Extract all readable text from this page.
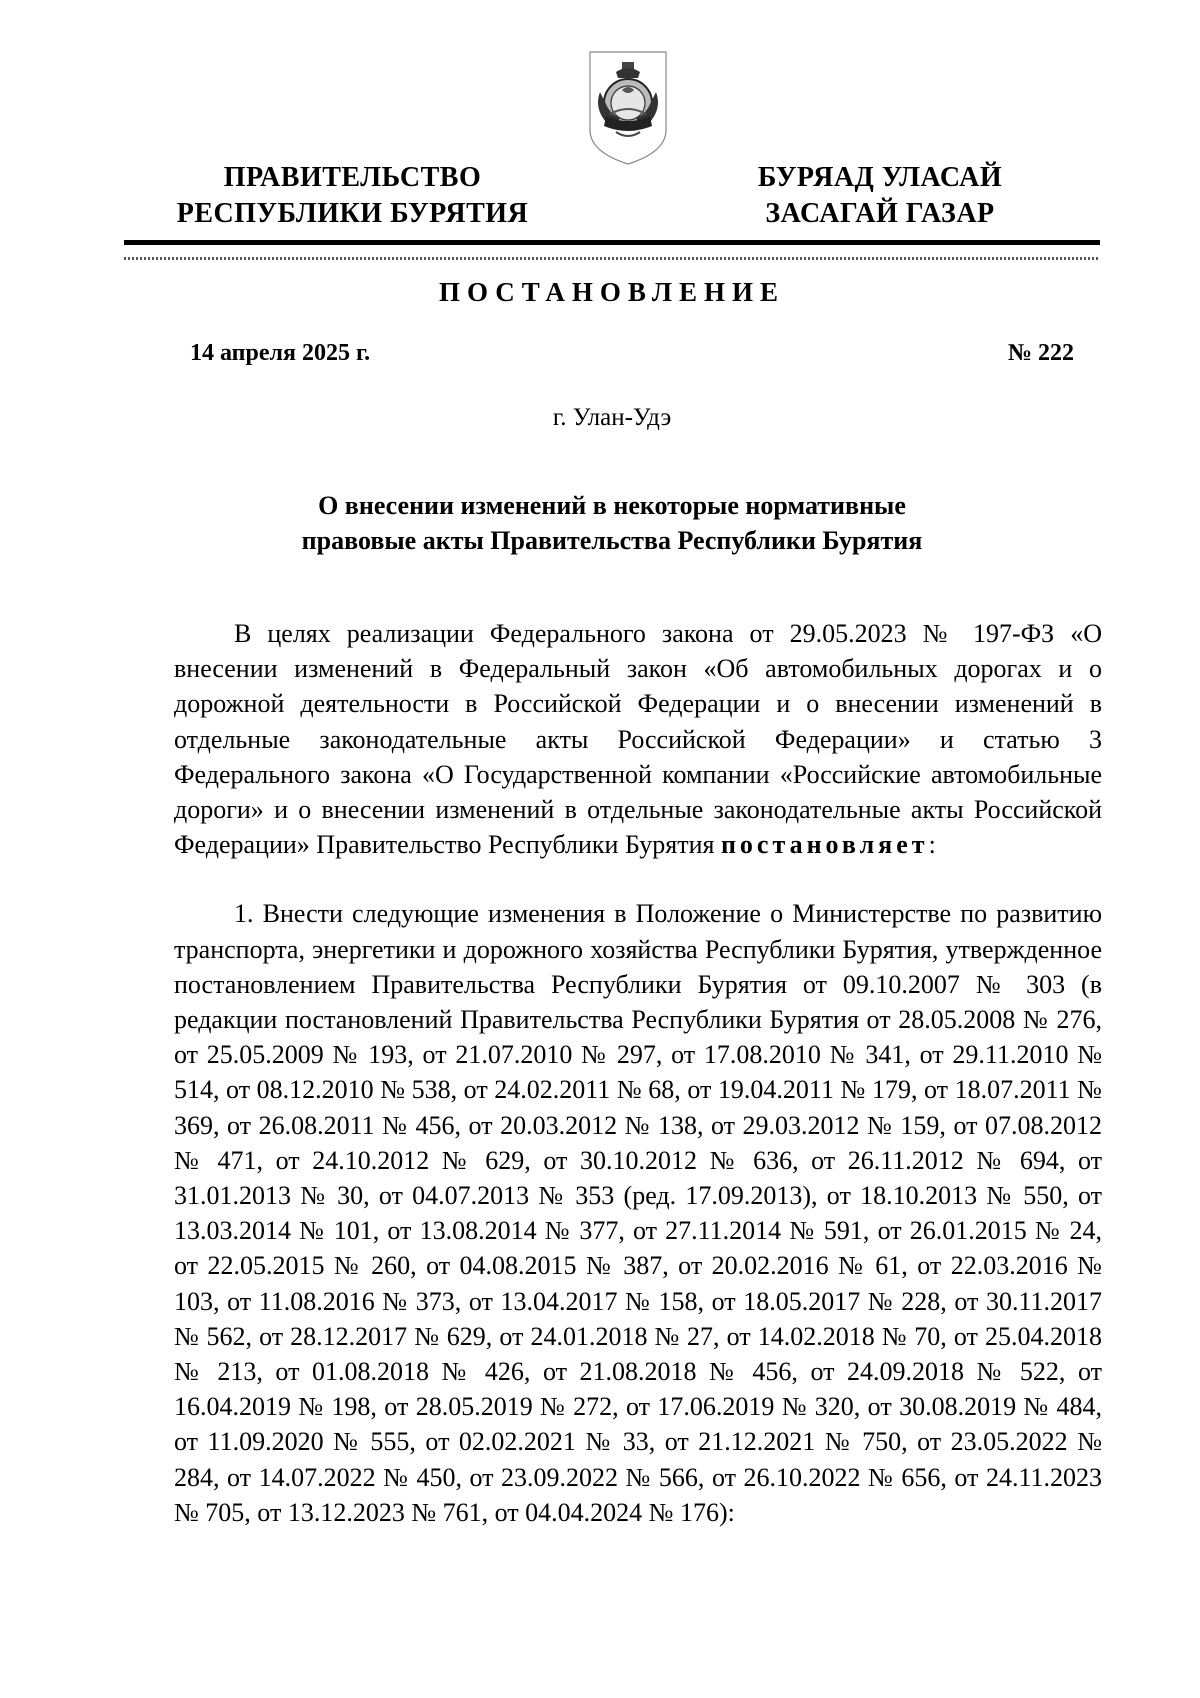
ПРАВИТЕЛЬСТВО
РЕСПУБЛИКИ БУРЯТИЯ
БУРЯАД УЛАСАЙ
ЗАСАГАЙ ГАЗАР
ПОСТАНОВЛЕНИЕ
14 апреля 2025 г.	№ 222
г. Улан-Удэ
О внесении изменений в некоторые нормативные
правовые акты Правительства Республики Бурятия

В целях реализации Федерального закона от 29.05.2023 № 197-ФЗ «О внесении изменений в Федеральный закон «Об автомобильных дорогах и о дорожной деятельности в Российской Федерации и о внесении изменений в отдельные законодательные акты Российской Федерации» и статью 3 Федерального закона «О Государственной компании «Российские автомобильные дороги» и о внесении изменений в отдельные законодательные акты Российской Федерации» Правительство Республики Бурятия постановляет:

1. Внести следующие изменения в Положение о Министерстве по развитию транспорта, энергетики и дорожного хозяйства Республики Бурятия, утвержденное постановлением Правительства Республики Бурятия от 09.10.2007 № 303 (в редакции постановлений Правительства Республики Бурятия от 28.05.2008 № 276, от 25.05.2009 № 193, от 21.07.2010 № 297, от 17.08.2010 № 341, от 29.11.2010 № 514, от 08.12.2010 № 538, от 24.02.2011 № 68, от 19.04.2011 № 179, от 18.07.2011 № 369, от 26.08.2011 № 456, от 20.03.2012 № 138, от 29.03.2012 № 159, от 07.08.2012 № 471, от 24.10.2012 № 629, от 30.10.2012 № 636, от 26.11.2012 № 694, от 31.01.2013 № 30, от 04.07.2013 № 353 (ред. 17.09.2013), от 18.10.2013 № 550, от 13.03.2014 № 101, от 13.08.2014 № 377, от 27.11.2014 № 591, от 26.01.2015 № 24, от 22.05.2015 № 260, от 04.08.2015 № 387, от 20.02.2016 № 61, от 22.03.2016 № 103, от 11.08.2016 № 373, от 13.04.2017 № 158, от 18.05.2017 № 228, от 30.11.2017 № 562, от 28.12.2017 № 629, от 24.01.2018 № 27, от 14.02.2018 № 70, от 25.04.2018 № 213, от 01.08.2018 № 426, от 21.08.2018 № 456, от 24.09.2018 № 522, от 16.04.2019 № 198, от 28.05.2019 № 272, от 17.06.2019 № 320, от 30.08.2019 № 484, от 11.09.2020 № 555, от 02.02.2021 № 33, от 21.12.2021 № 750, от 23.05.2022 № 284, от 14.07.2022 № 450, от 23.09.2022 № 566, от 26.10.2022 № 656, от 24.11.2023 № 705, от 13.12.2023 № 761, от 04.04.2024 № 176):
